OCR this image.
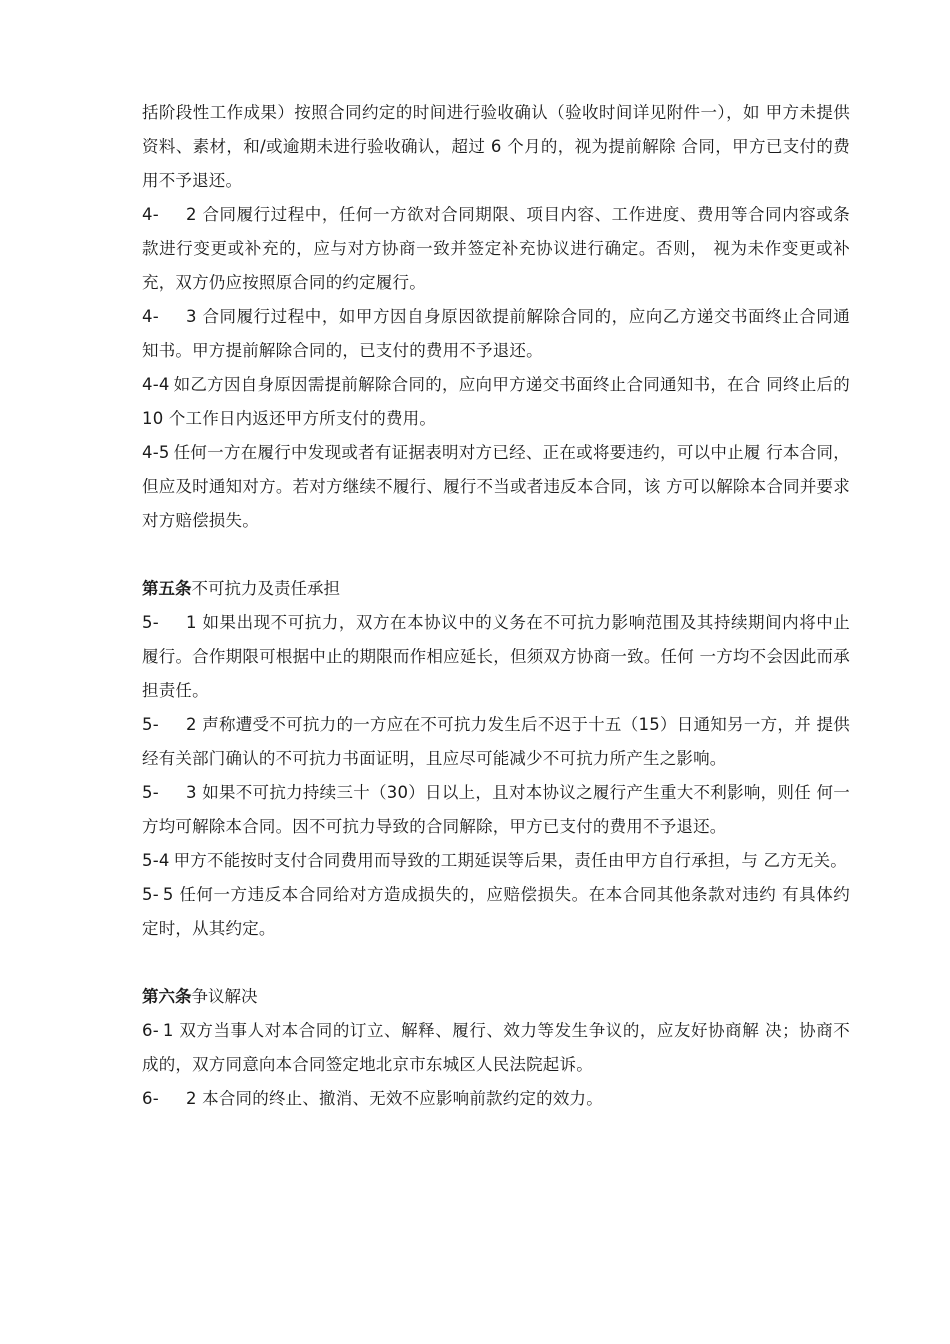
括阶段性工作成果）按照合同约定的时间进行验收确认（验收时间详见附件一），如 甲方未提供资料、素材，和/或逾期未进行验收确认，超过 6 个月的，视为提前解除 合同，甲方已支付的费用不予退还。

4- 2 合同履行过程中，任何一方欲对合同期限、项目内容、工作进度、费用等合同内容或条款进行变更或补充的，应与对方协商一致并签定补充协议进行确定。否则， 视为未作变更或补充，双方仍应按照原合同的约定履行。

4- 3 合同履行过程中，如甲方因自身原因欲提前解除合同的，应向乙方递交书面终止合同通知书。甲方提前解除合同的，已支付的费用不予退还。

4-4 如乙方因自身原因需提前解除合同的，应向甲方递交书面终止合同通知书，在合 同终止后的 10 个工作日内返还甲方所支付的费用。

4-5 任何一方在履行中发现或者有证据表明对方已经、正在或将要违约，可以中止履 行本合同，但应及时通知对方。若对方继续不履行、履行不当或者违反本合同，该 方可以解除本合同并要求对方赔偿损失。

第五条不可抗力及责任承担

5- 1 如果出现不可抗力，双方在本协议中的义务在不可抗力影响范围及其持续期间内将中止履行。合作期限可根据中止的期限而作相应延长，但须双方协商一致。任何 一方均不会因此而承担责任。

5- 2 声称遭受不可抗力的一方应在不可抗力发生后不迟于十五（15）日通知另一方，并 提供经有关部门确认的不可抗力书面证明，且应尽可能减少不可抗力所产生之影响。

5- 3 如果不可抗力持续三十（30）日以上，且对本协议之履行产生重大不利影响，则任 何一方均可解除本合同。因不可抗力导致的合同解除，甲方已支付的费用不予退还。

5-4 甲方不能按时支付合同费用而导致的工期延误等后果，责任由甲方自行承担，与 乙方无关。

5- 5 任何一方违反本合同给对方造成损失的，应赔偿损失。在本合同其他条款对违约 有具体约定时，从其约定。

第六条争议解决

6- 1 双方当事人对本合同的订立、解释、履行、效力等发生争议的，应友好协商解 决；协商不成的，双方同意向本合同签定地北京市东城区人民法院起诉。

6- 2 本合同的终止、撤消、无效不应影响前款约定的效力。
